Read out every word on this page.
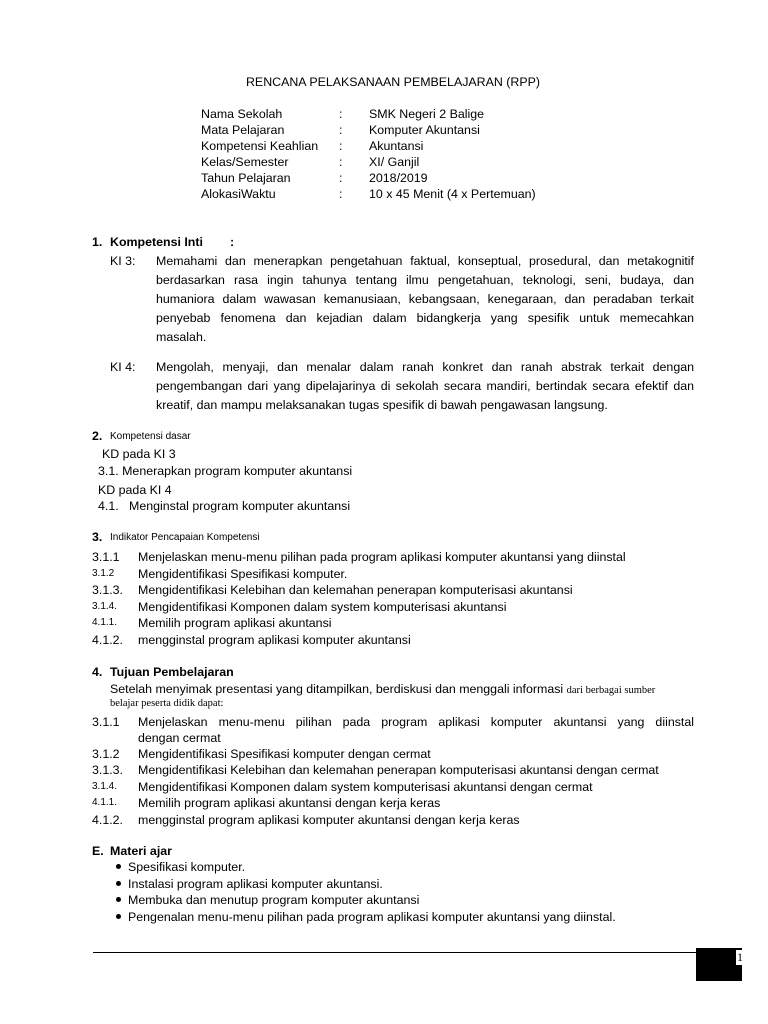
RENCANA PELAKSANAAN PEMBELAJARAN (RPP)
Nama Sekolah	: SMK Negeri 2 Balige
Mata Pelajaran	: Komputer Akuntansi
Kompetensi Keahlian : Akuntansi
Kelas/Semester	: XI/ Ganjil
Tahun Pelajaran	: 2018/2019
AlokasiWaktu	: 10 x 45 Menit (4 x Pertemuan)
1. Kompetensi Inti :
KI 3: Memahami dan menerapkan pengetahuan faktual, konseptual, prosedural, dan metakognitif
berdasarkan rasa ingin tahunya tentang ilmu pengetahuan, teknologi, seni, budaya, dan
humaniora dalam wawasan kemanusiaan, kebangsaan, kenegaraan, dan peradaban terkait
penyebab fenomena dan kejadian dalam bidangkerja yang spesifik untuk memecahkan
masalah.
KI 4: Mengolah, menyaji, dan menalar dalam ranah konkret dan ranah abstrak terkait dengan
pengembangan dari yang dipelajarinya di sekolah secara mandiri, bertindak secara efektif dan
kreatif, dan mampu melaksanakan tugas spesifik di bawah pengawasan langsung.
2. Kompetensi dasar
KD pada KI 3
3.1. Menerapkan program komputer akuntansi
KD pada KI 4
4.1. Menginstal program komputer akuntansi
3. Indikator Pencapaian Kompetensi
3.1.1 Menjelaskan menu-menu pilihan pada program aplikasi komputer akuntansi yang diinstal
3.1.2 Mengidentifikasi Spesifikasi komputer.
3.1.3. Mengidentifikasi Kelebihan dan kelemahan penerapan komputerisasi akuntansi
3.1.4. Mengidentifikasi Komponen dalam system komputerisasi akuntansi
4.1.1. Memilih program aplikasi akuntansi
4.1.2. mengginstal program aplikasi komputer akuntansi
4. Tujuan Pembelajaran
Setelah menyimak presentasi yang ditampilkan, berdiskusi dan menggali informasi dari berbagai sumber
belajar peserta didik dapat:
3.1.1 Menjelaskan menu-menu pilihan pada program aplikasi komputer akuntansi yang diinstal
dengan cermat
3.1.2 Mengidentifikasi Spesifikasi komputer dengan cermat
3.1.3. Mengidentifikasi Kelebihan dan kelemahan penerapan komputerisasi akuntansi dengan cermat
3.1.4. Mengidentifikasi Komponen dalam system komputerisasi akuntansi dengan cermat
4.1.1. Memilih program aplikasi akuntansi dengan kerja keras
4.1.2. mengginstal program aplikasi komputer akuntansi dengan kerja keras
E. Materi ajar
Spesifikasi komputer.
Instalasi program aplikasi komputer akuntansi.
Membuka dan menutup program komputer akuntansi
Pengenalan menu-menu pilihan pada program aplikasi komputer akuntansi yang diinstal.
1
